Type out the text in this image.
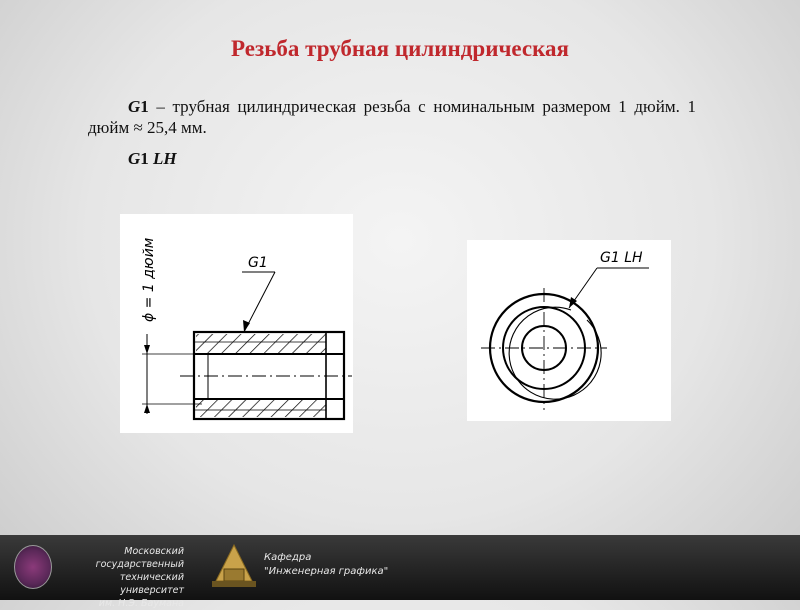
Резьба трубная цилиндрическая

G1 – трубная цилиндрическая резьба с номинальным размером 1 дюйм. 1 дюйм ≈ 25,4 мм.

G1 LH
ϕ = 1 дюйм	G1	G1 LH
Московский государственный
технический университет
им. Н.Э. Баумана
Кафедра
"Инженерная графика"
